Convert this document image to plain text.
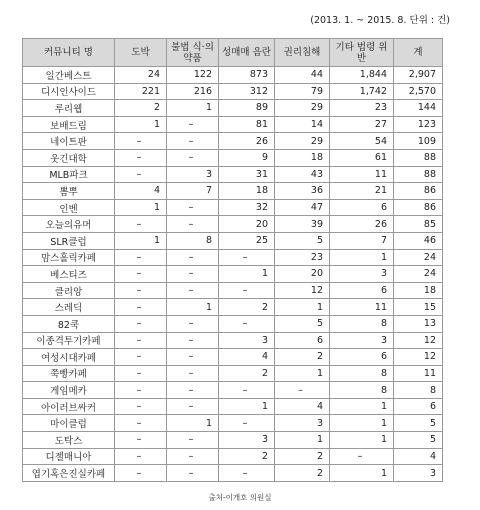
(2013. 1. ~ 2015. 8. 단위 : 건)
커뮤니티 명	도박	불법 식·의약품	성매매 음란	권리침해	기타 법령 위반	계
일간베스트	24	122	873	44	1,844	2,907
디시인사이드	221	216	312	79	1,742	2,570
루리웹	2	1	89	29	23	144
보배드림	1	–	81	14	27	123
네이트판	–	–	26	29	54	109
웃긴대학	–	–	9	18	61	88
MLB파크	–	3	31	43	11	88
뽐뿌	4	7	18	36	21	86
인벤	1	–	32	47	6	86
오늘의유머	–	–	20	39	26	85
SLR클럽	1	8	25	5	7	46
맘스홀릭카페	–	–	–	23	1	24
베스티즈	–	–	1	20	3	24
클리앙	–	–	–	12	6	18
스레딕	–	1	2	1	11	15
82쿡	–	–	–	5	8	13
이종격투기카페	–	–	3	6	3	12
여성시대카페	–	–	4	2	6	12
쭉빵카페	–	–	2	1	8	11
게임메카	–	–	–	–	8	8
아이러브싸커	–	–	1	4	1	6
마이클럽	–	1	–	3	1	5
도탁스	–	–	3	1	1	5
디젤매니아	–	–	2	2	–	4
엽기혹은진실카페	–	–	–	2	1	3
출처-이개호 의원실
